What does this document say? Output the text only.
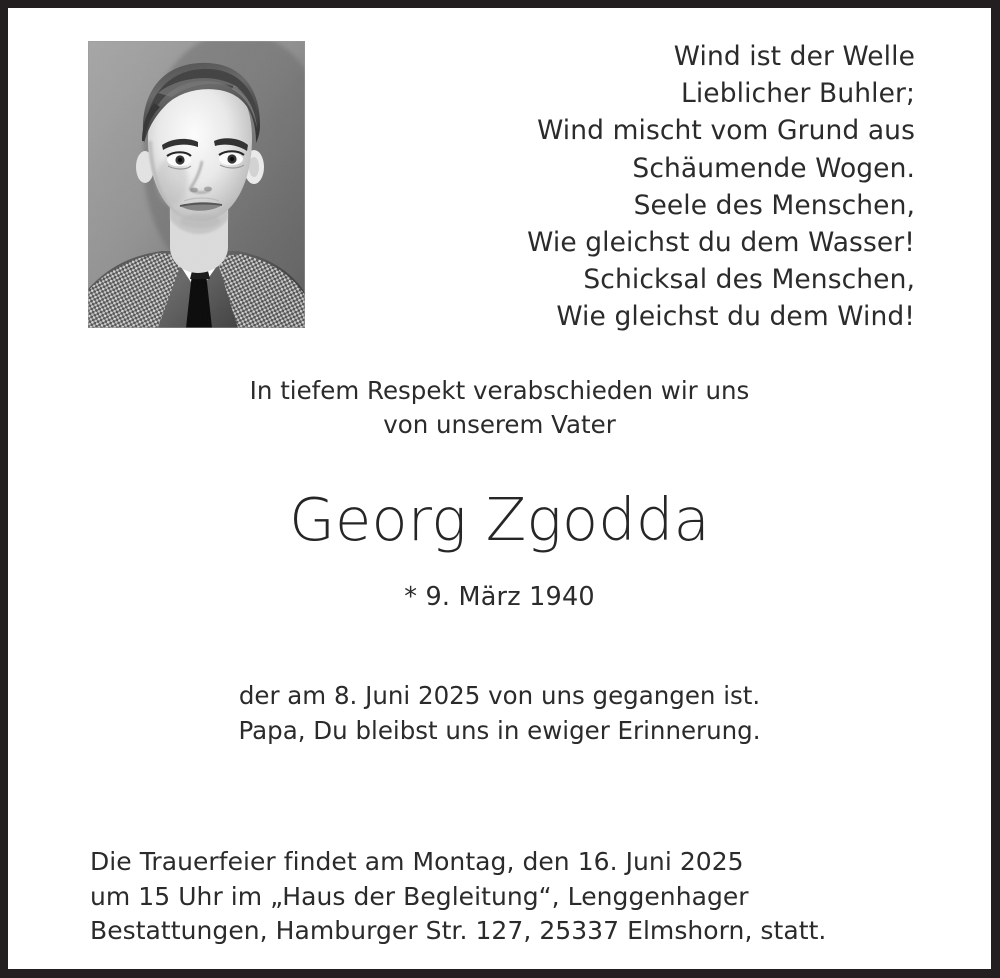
Wind ist der Welle
Lieblicher Buhler;
Wind mischt vom Grund aus
Schäumende Wogen.
Seele des Menschen,
Wie gleichst du dem Wasser!
Schicksal des Menschen,
Wie gleichst du dem Wind!
In tiefem Respekt verabschieden wir uns
von unserem Vater
Georg Zgodda
* 9. März 1940
der am 8. Juni 2025 von uns gegangen ist.
Papa, Du bleibst uns in ewiger Erinnerung.
Die Trauerfeier findet am Montag, den 16. Juni 2025
um 15 Uhr im „Haus der Begleitung“, Lenggenhager
Bestattungen, Hamburger Str. 127, 25337 Elmshorn, statt.
